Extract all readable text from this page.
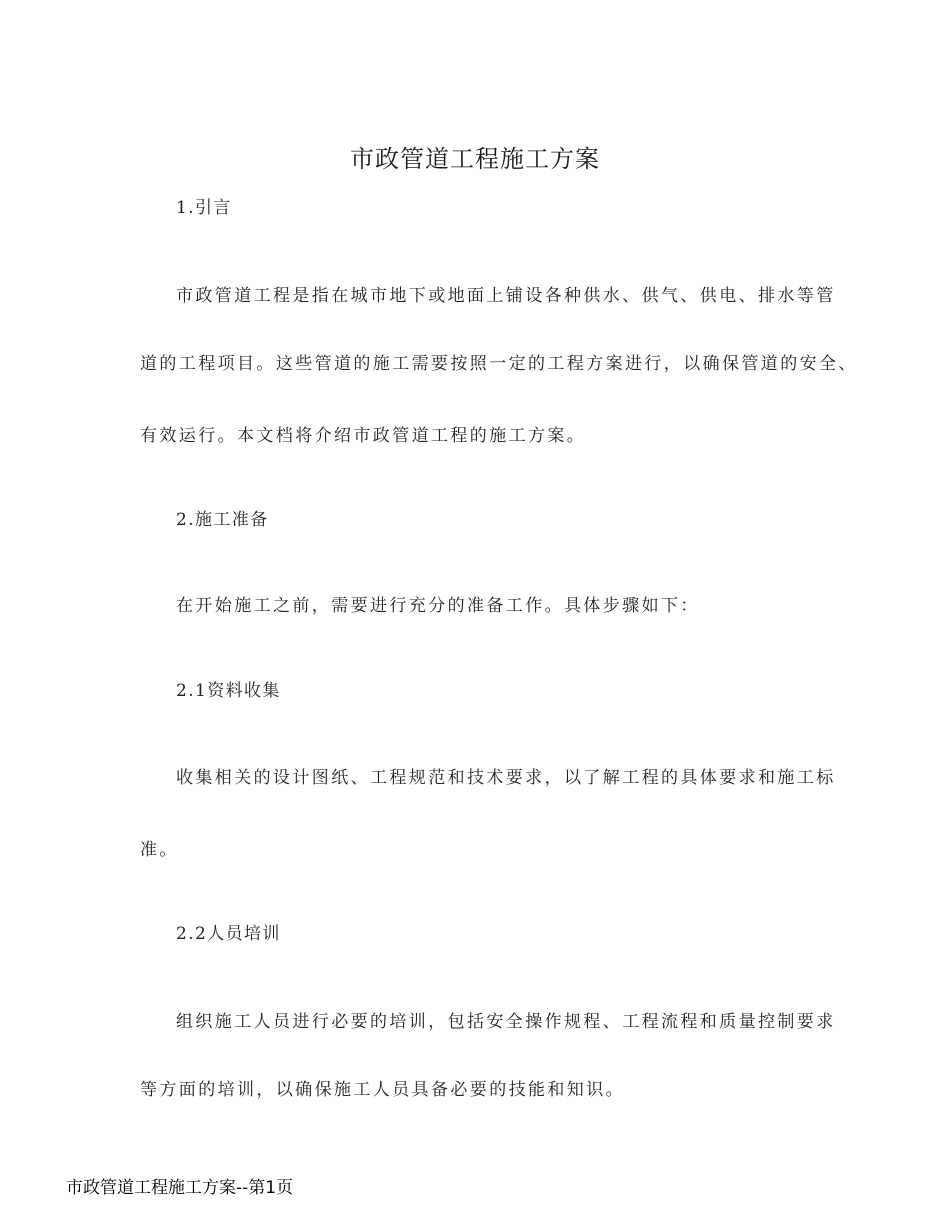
市政管道工程施工方案
1.引言
市政管道工程是指在城市地下或地面上铺设各种供水、供气、供电、排水等管
道的工程项目。这些管道的施工需要按照一定的工程方案进行，以确保管道的安全、
有效运行。本文档将介绍市政管道工程的施工方案。
2.施工准备
在开始施工之前，需要进行充分的准备工作。具体步骤如下：
2.1资料收集
收集相关的设计图纸、工程规范和技术要求，以了解工程的具体要求和施工标
准。
2.2人员培训
组织施工人员进行必要的培训，包括安全操作规程、工程流程和质量控制要求
等方面的培训，以确保施工人员具备必要的技能和知识。
市政管道工程施工方案--第1页
